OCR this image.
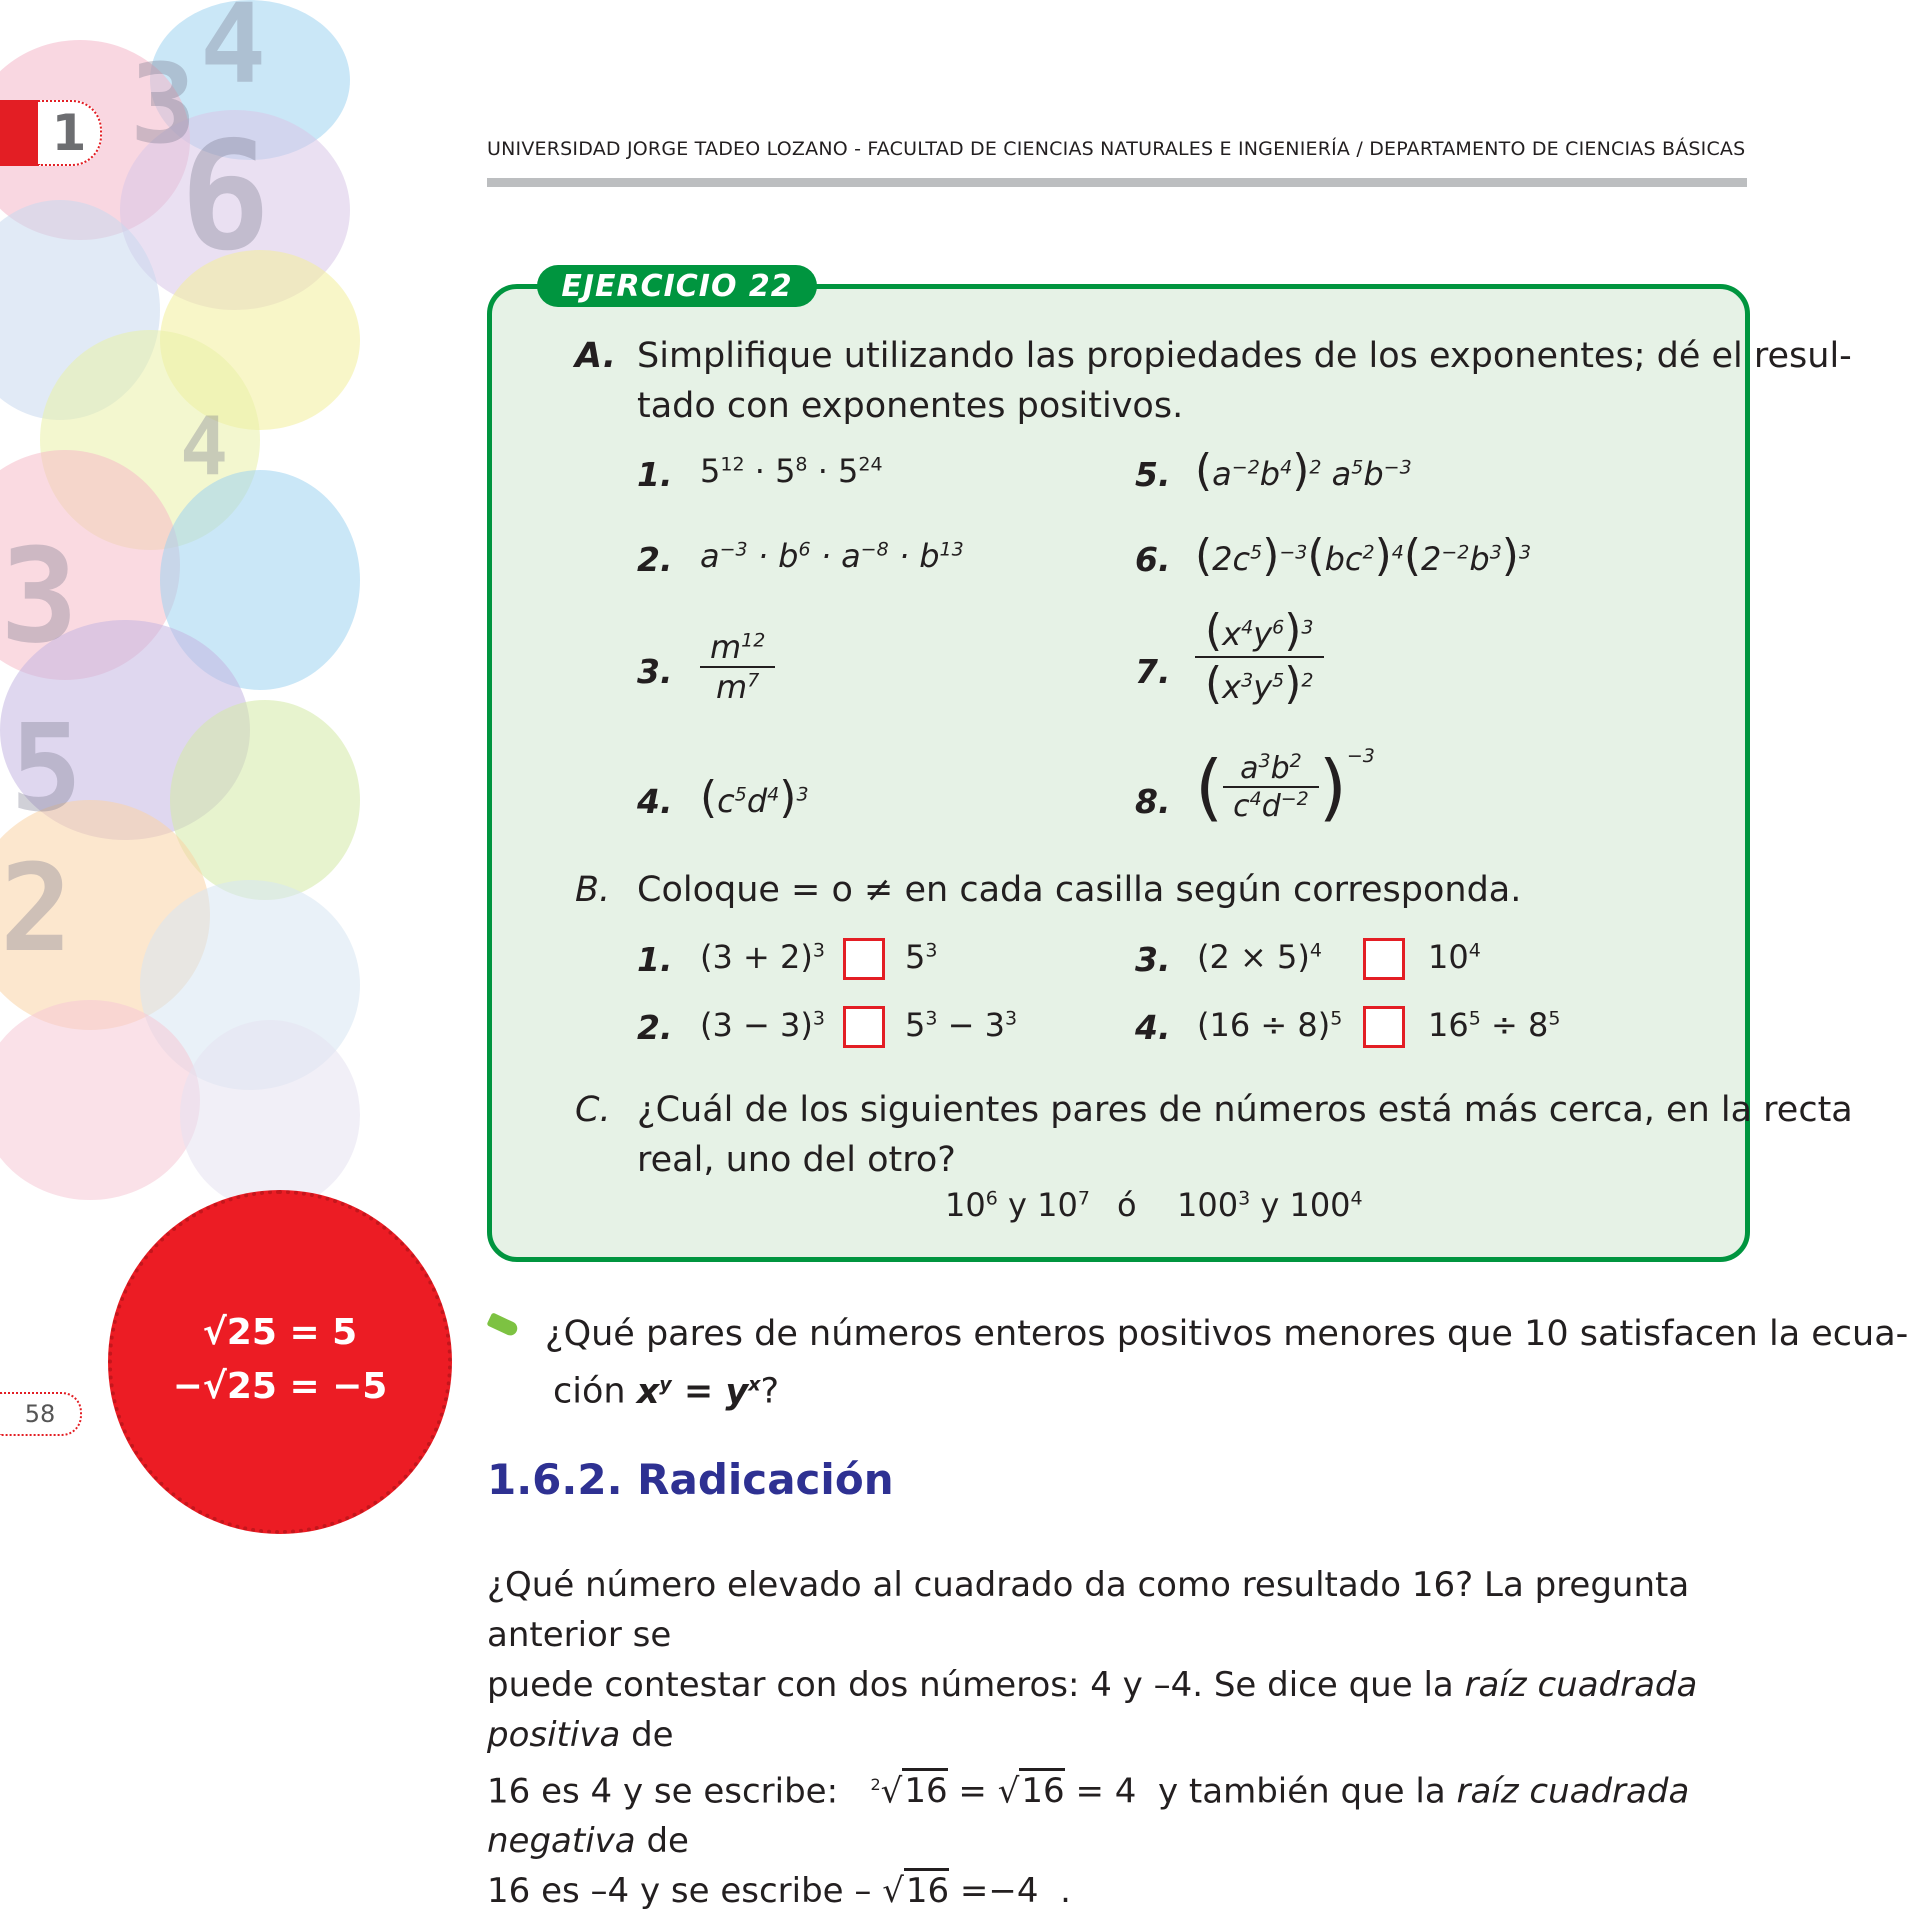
3 4
6
3
5
2
4
1
58
UNIVERSIDAD JORGE TADEO LOZANO - FACULTAD DE CIENCIAS NATURALES E INGENIERÍA / DEPARTAMENTO DE CIENCIAS BÁSICAS
EJERCICIO 22
A. Simplifique utilizando las propiedades de los exponentes; dé el resul-
tado con exponentes positivos.
1. $5^{12} \cdot 5^8 \cdot 5^{24}$
2. $a^{-3} \cdot b^6 \cdot a^{-8} \cdot b^{13}$
3. $\frac{m^{12}}{m^7}$
4. $(c^5d^4)^3$
5. $(a^{-2}b^4)^2$ $a^5b^{-3}$
6. $(2c^5)^{-3}(bc^2)^4(2^{-2}b^3)^3$
7. $\frac{(x^4y^6)^3}{(x^3y^5)^2}$
8. ( $\frac{a^3b^2}{c^4d^{-2}} )^{-3}$
B. Coloque = o ≠ en cada casilla según corresponda.
1. $(3 + 2)^3$	$5^3$
2. $(3 - 3)^3$	$5^3 - 3^3$
3. $(2 \times 5)^4$	$10^4$
4. $(16 \div 8)^5$	$16^5 \div 8^5$
C. ¿Cuál de los siguientes pares de números está más cerca, en la recta
real, uno del otro?
$10^6$ y $10^7$ ó $100^3$ y $100^4$
√25 = 5
−√25 = −5
¿Qué pares de números enteros positivos menores que 10 satisfacen la ecua-
ción $x^y = y^x$?
1.6.2. Radicación
¿Qué número elevado al cuadrado da como resultado 16? La pregunta anterior se
puede contestar con dos números: 4 y –4. Se dice que la raíz cuadrada positiva de
16 es 4 y se escribe: $^2$√16 = √16 = 4  y también que la raíz cuadrada negativa de
16 es –4 y se escribe – √16 =−4  .
